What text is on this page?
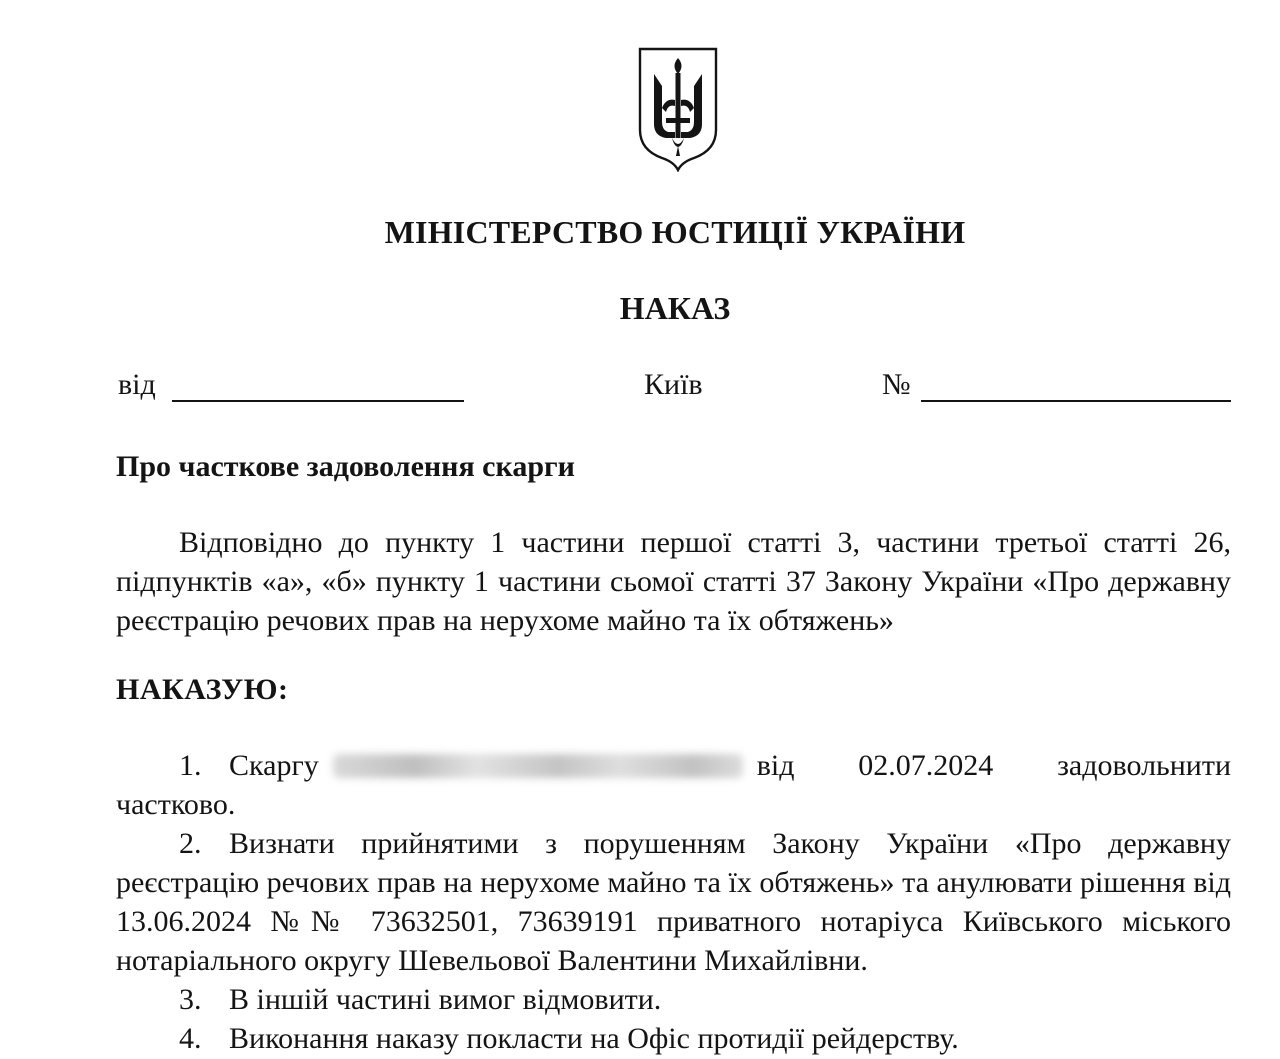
МІНІСТЕРСТВО ЮСТИЦІЇ УКРАЇНИ
НАКАЗ
від	Київ	№
Про часткове задоволення скарги
Відповідно до пункту 1 частини першої статті 3, частини третьої статті 26, підпунктів «а», «б» пункту 1 частини сьомої статті 37 Закону України «Про державну реєстрацію речових прав на нерухоме майно та їх обтяжень»
НАКАЗУЮ:
1. Скаргу	від 02.07.2024 задовольнити частково.
2. Визнати прийнятими з порушенням Закону України «Про державну реєстрацію речових прав на нерухоме майно та їх обтяжень» та анулювати рішення від 13.06.2024 №№ 73632501, 73639191 приватного нотаріуса Київського міського нотаріального округу Шевельової Валентини Михайлівни.
3. В іншій частині вимог відмовити.
4. Виконання наказу покласти на Офіс протидії рейдерству.
